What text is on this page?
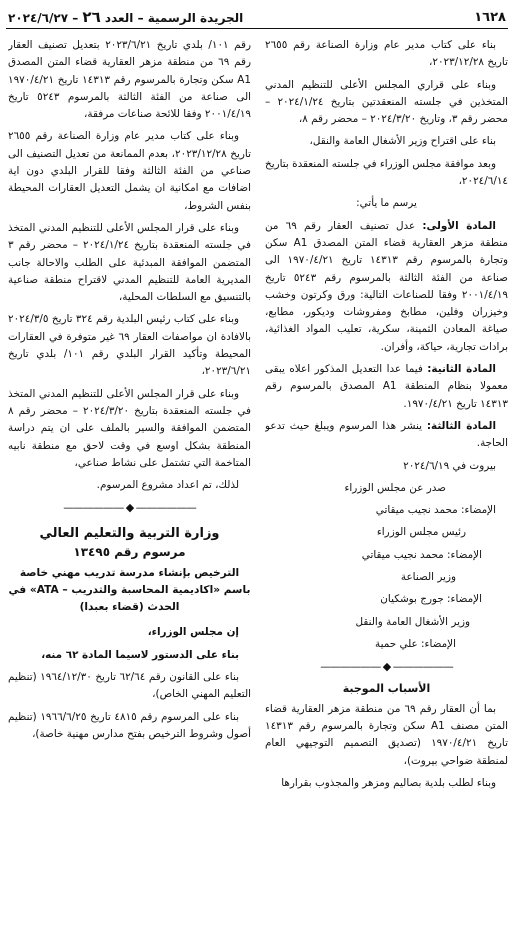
١٦٢٨
الجريدة الرسمية – العدد ٢٦ – ٢٠٢٤/٦/٢٧

بناء على كتاب مدير عام وزارة الصناعة رقم ٢٦٥٥ تاريخ ٢٠٢٣/١٢/٢٨،

وبناء على قراري المجلس الأعلى للتنظيم المدني المتخذين في جلسته المنعقدتين بتاريخ ٢٠٢٤/١/٢٤ – محضر رقم ٣، وتاريخ ٢٠٢٤/٣/٢٠ – محضر رقم ٨،

بناء على اقتراح وزير الأشغال العامة والنقل،

وبعد موافقة مجلس الوزراء في جلسته المنعقدة بتاريخ ٢٠٢٤/٦/١٤،

يرسم ما يأتي:

المادة الأولى: عدل تصنيف العقار رقم ٦٩ من منطقة مزهر العقارية قضاء المتن المصدق A1 سكن وتجارة بالمرسوم رقم ١٤٣١٣ تاريخ ١٩٧٠/٤/٢١ الى صناعة من الفئة الثالثة بالمرسوم رقم ٥٢٤٣ تاريخ ٢٠٠١/٤/١٩ وفقا للصناعات التالية: ورق وكرتون وخشب وخيزران وفلين، مطابخ ومفروشات وديكور، مطابع، صياغة المعادن الثمينة، سكرية، تعليب المواد الغذائية، برادات تجارية، حياكة، وأفران.

المادة الثانية: فيما عدا التعديل المذكور اعلاه يبقى معمولا بنظام المنطقة A1 المصدق بالمرسوم رقم ١٤٣١٣ تاريخ ١٩٧٠/٤/٢١.

المادة الثالثة: ينشر هذا المرسوم ويبلغ حيث تدعو الحاجة.

بيروت في ٢٠٢٤/٦/١٩

صدر عن مجلس الوزراء

الإمضاء: محمد نجيب ميقاتي

رئيس مجلس الوزراء

الإمضاء: محمد نجيب ميقاتي

وزير الصناعة

الإمضاء: جورج بوشكيان

وزير الأشغال العامة والنقل

الإمضاء: علي حمية

—————— ◆ ——————
الأسباب الموجبة

بما أن العقار رقم ٦٩ من منطقة مزهر العقارية قضاء المتن مصنف A1 سكن وتجارة بالمرسوم رقم ١٤٣١٣ تاريخ ١٩٧٠/٤/٢١ (تصديق التصميم التوجيهي العام لمنطقة ضواحي بيروت)،

وبناء لطلب بلدية بصاليم ومزهر والمجذوب بقرارها

رقم ١٠١/ بلدي تاريخ ٢٠٢٣/٦/٢١ بتعديل تصنيف العقار رقم ٦٩ من منطقة مزهر العقارية قضاء المتن المصدق A1 سكن وتجارة بالمرسوم رقم ١٤٣١٣ تاريخ ١٩٧٠/٤/٢١ الى صناعة من الفئة الثالثة بالمرسوم ٥٢٤٣ تاريخ ٢٠٠١/٤/١٩ وفقا للائحة صناعات مرفقة،

وبناء على كتاب مدير عام وزارة الصناعة رقم ٢٦٥٥ تاريخ ٢٠٢٣/١٢/٢٨، بعدم الممانعة من تعديل التصنيف الى صناعي من الفئة الثالثة وفقا للقرار البلدي دون اية اضافات مع امكانية ان يشمل التعديل العقارات المحيطة بنفس الشروط،

وبناء على قرار المجلس الأعلى للتنظيم المدني المتخذ في جلسته المنعقدة بتاريخ ٢٠٢٤/١/٢٤ – محضر رقم ٣ المتضمن الموافقة المبدئية على الطلب والاحالة جانب المديرية العامة للتنظيم المدني لاقتراح منطقة صناعية بالتنسيق مع السلطات المحلية،

وبناء على كتاب رئيس البلدية رقم ٣٢٤ تاريخ ٢٠٢٤/٣/٥ بالافادة ان مواصفات العقار ٦٩ غير متوفرة في العقارات المحيطة وتأكيد القرار البلدي رقم ١٠١/ بلدي تاريخ ٢٠٢٣/٦/٢١،

وبناء على قرار المجلس الأعلى للتنظيم المدني المتخذ في جلسته المنعقدة بتاريخ ٢٠٢٤/٣/٢٠ – محضر رقم ٨ المتضمن الموافقة والسير بالملف على ان يتم دراسة المنطقة بشكل اوسع في وقت لاحق مع منطقة نابيه المتاخمة التي تشتمل على نشاط صناعي،

لذلك، تم اعداد مشروع المرسوم.

—————— ◆ ——————
وزارة التربية والتعليم العالي
مرسوم رقم ١٣٤٩٥
الترخيص بإنشاء مدرسة تدريب مهني خاصة باسم «اكاديمية المحاسبة والتدريب – ATA» في الحدث (قضاء بعبدا)

إن مجلس الوزراء،

بناء على الدستور لاسيما المادة ٦٢ منه،

بناء على القانون رقم ٦٢/٦٤ تاريخ ١٩٦٤/١٢/٣٠ (تنظيم التعليم المهني الخاص)،

بناء على المرسوم رقم ٤٨١٥ تاريخ ١٩٦٦/٦/٢٥ (تنظيم أصول وشروط الترخيص بفتح مدارس مهنية خاصة)،
